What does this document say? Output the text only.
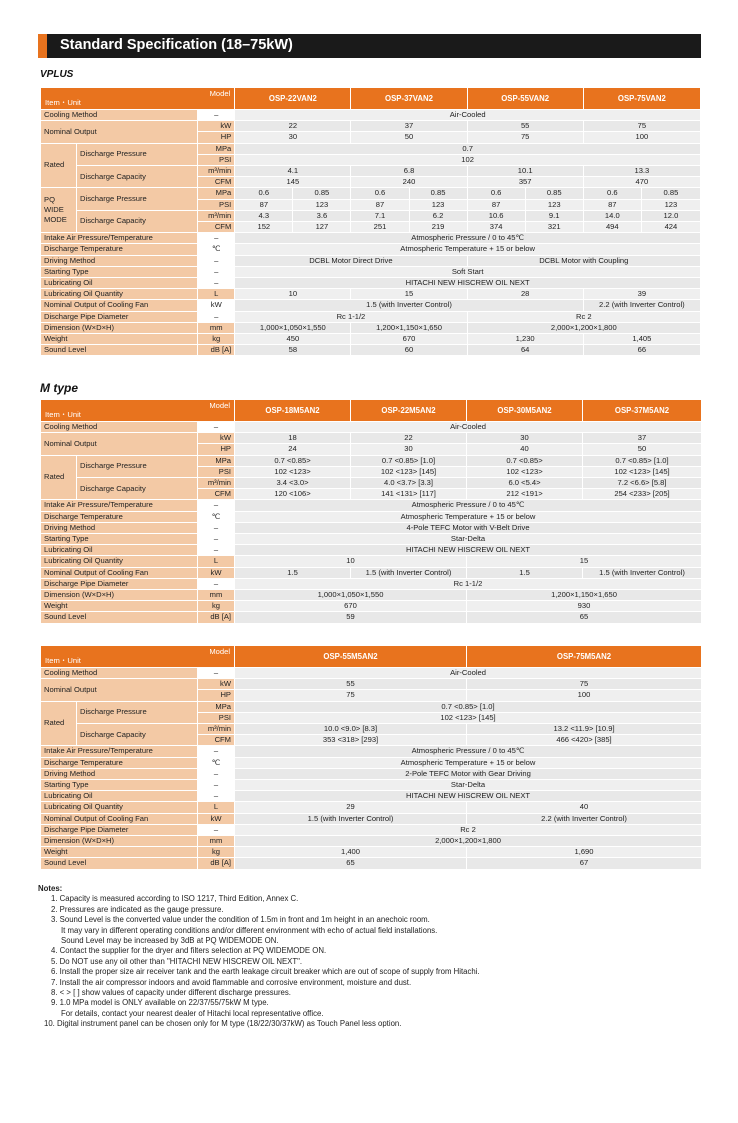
Standard Specification (18–75kW)
VPLUS
Model
Item・Unit			OSP-22VAN2		OSP-37VAN2		OSP-55VAN2		OSP-75VAN2	
Cooling Method		–	Air-Cooled							
Nominal Output		kW	22		37		55		75	
		HP	30		50		75		100	
Rated	Discharge Pressure	MPa	0.7							
		PSI	102							
	Discharge Capacity	m³/min	4.1		6.8		10.1		13.3	
		CFM	145		240		357		470	
PQ
WIDE
MODE	Discharge Pressure	MPa	0.6	0.85	0.6	0.85	0.6	0.85	0.6	0.85
		PSI	87	123	87	123	87	123	87	123
	Discharge Capacity	m³/min	4.3	3.6	7.1	6.2	10.6	9.1	14.0	12.0
		CFM	152	127	251	219	374	321	494	424
Intake Air Pressure/Temperature		–	Atmospheric Pressure / 0 to 45℃							
Discharge Temperature		℃	Atmospheric Temperature + 15 or below							
Driving Method		–	DCBL Motor Direct Drive				DCBL Motor with Coupling			
Starting Type		–	Soft Start							
Lubricating Oil		–	HITACHI NEW HISCREW OIL NEXT							
Lubricating Oil Quantity		L	10		15		28		39	
Nominal Output of Cooling Fan		kW	1.5 (with Inverter Control)						2.2 (with Inverter Control)	
Discharge Pipe Diameter		–	Rc 1-1/2				Rc 2			
Dimension (W×D×H)		mm	1,000×1,050×1,550		1,200×1,150×1,650		2,000×1,200×1,800			
Weight		kg	450		670		1,230		1,405	
Sound Level		dB [A]	58		60		64		66	
M type
Model
Item・Unit			OSP-18M5AN2	OSP-22M5AN2	OSP-30M5AN2	OSP-37M5AN2
Cooling Method		–	Air-Cooled			
Nominal Output		kW	18	22	30	37
		HP	24	30	40	50
Rated	Discharge Pressure	MPa	0.7 <0.85>	0.7 <0.85> [1.0]	0.7 <0.85>	0.7 <0.85> [1.0]
		PSI	102 <123>	102 <123> [145]	102 <123>	102 <123> [145]
	Discharge Capacity	m³/min	3.4 <3.0>	4.0 <3.7> [3.3]	6.0 <5.4>	7.2 <6.6> [5.8]
		CFM	120 <106>	141 <131> [117]	212 <191>	254 <233> [205]
Intake Air Pressure/Temperature		–	Atmospheric Pressure / 0 to 45℃			
Discharge Temperature		℃	Atmospheric Temperature + 15 or below			
Driving Method		–	4-Pole TEFC Motor with V-Belt Drive			
Starting Type		–	Star-Delta			
Lubricating Oil		–	HITACHI NEW HISCREW OIL NEXT			
Lubricating Oil Quantity		L	10		15	
Nominal Output of Cooling Fan		kW	1.5	1.5 (with Inverter Control)	1.5	1.5 (with Inverter Control)
Discharge Pipe Diameter		–	Rc 1-1/2			
Dimension (W×D×H)		mm	1,000×1,050×1,550		1,200×1,150×1,650	
Weight		kg	670		930	
Sound Level		dB [A]	59		65	
Model
Item・Unit			OSP-55M5AN2	OSP-75M5AN2
Cooling Method		–	Air-Cooled	
Nominal Output		kW	55	75
		HP	75	100
Rated	Discharge Pressure	MPa	0.7 <0.85> [1.0]	
		PSI	102 <123> [145]	
	Discharge Capacity	m³/min	10.0 <9.0> [8.3]	13.2 <11.9> [10.9]
		CFM	353 <318> [293]	466 <420> [385]
Intake Air Pressure/Temperature		–	Atmospheric Pressure / 0 to 45℃	
Discharge Temperature		℃	Atmospheric Temperature + 15 or below	
Driving Method		–	2-Pole TEFC Motor with Gear Driving	
Starting Type		–	Star-Delta	
Lubricating Oil		–	HITACHI NEW HISCREW OIL NEXT	
Lubricating Oil Quantity		L	29	40
Nominal Output of Cooling Fan		kW	1.5 (with Inverter Control)	2.2 (with Inverter Control)
Discharge Pipe Diameter		–	Rc 2	
Dimension (W×D×H)		mm	2,000×1,200×1,800	
Weight		kg	1,400	1,690
Sound Level		dB [A]	65	67
Notes:
1. Capacity is measured according to ISO 1217, Third Edition, Annex C.
2. Pressures are indicated as the gauge pressure.
3. Sound Level is the converted value under the condition of 1.5m in front and 1m height in an anechoic room.
It may vary in different operating conditions and/or different environment with echo of actual field installations.
Sound Level may be increased by 3dB at PQ WIDEMODE ON.
4. Contact the supplier for the dryer and filters selection at PQ WIDEMODE ON.
5. Do NOT use any oil other than "HITACHI NEW HISCREW OIL NEXT".
6. Install the proper size air receiver tank and the earth leakage circuit breaker which are out of scope of supply from Hitachi.
7. Install the air compressor indoors and avoid flammable and corrosive environment, moisture and dust.
8. < > [ ] show values of capacity under different discharge pressures.
9. 1.0 MPa model is ONLY available on 22/37/55/75kW M type.
For details, contact your nearest dealer of Hitachi local representative office.
10. Digital instrument panel can be chosen only for M type (18/22/30/37kW) as Touch Panel less option.
